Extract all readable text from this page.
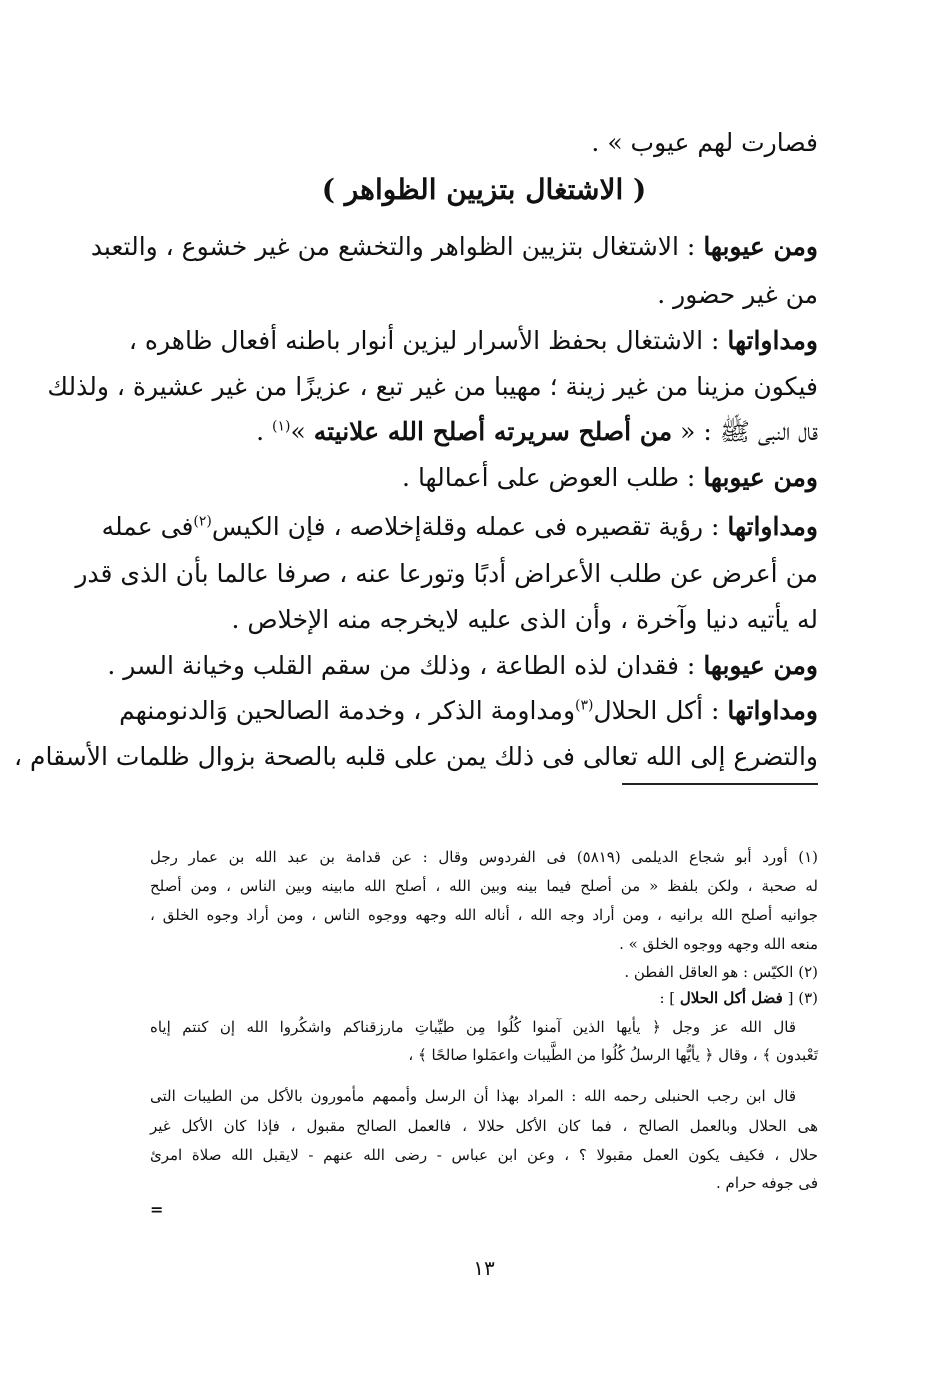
فصارت لهم عيوب » .
( الاشتغال بتزيين الظواهر )
ومن عيوبها : الاشتغال بتزيين الظواهر والتخشع من غير خشوع ، والتعبد
من غير حضور .
ومداواتها : الاشتغال بحفظ الأسرار ليزين أنوار باطنه أفعال ظاهره ،
فيكون مزينا من غير زينة ؛ مهيبا من غير تبع ، عزيزًا من غير عشيرة ، ولذلك
قال النبى ﷺ : « من أصلح سريرته أصلح الله علانيته »$^{(١)}$ .
ومن عيوبها : طلب العوض على أعمالها .
ومداواتها : رؤية تقصيره فى عمله وقلةإخلاصه ، فإن الكيس$^{(٢)}$فى عمله
من أعرض عن طلب الأعراض أدبًا وتورعا عنه ، صرفا عالما بأن الذى قدر
له يأتيه دنيا وآخرة ، وأن الذى عليه لايخرجه منه الإخلاص .
ومن عيوبها : فقدان لذه الطاعة ، وذلك من سقم القلب وخيانة السر .
ومداواتها : أكل الحلال$^{(٣)}$ومداومة الذكر ، وخدمة الصالحين وَالدنومنهم
والتضرع إلى الله تعالى فى ذلك يمن على قلبه بالصحة بزوال ظلمات الأسقام ،
(١) أورد أبو شجاع الديلمى (٥٨١٩) فى الفردوس وقال : عن قدامة بن عبد الله بن عمار رجل
له صحبة ، ولكن بلفظ « من أصلح فيما بينه وبين الله ، أصلح الله مابينه وبين الناس ، ومن أصلح
جوانيه أصلح الله برانيه ، ومن أراد وجه الله ، أناله الله وجهه ووجوه الناس ، ومن أراد وجوه الخلق ،
منعه الله وجهه ووجوه الخلق » .
(٢) الكيّس : هو العاقل الفطن .
(٣) [ فضل أكل الحلال ] :
قال الله عز وجل ﴿ يأيها الذين آمنوا كُلُوا مِن طيِّباتِ مارزقناكم واشكُروا الله إن كنتم إياه
تَعْبدون ﴾ ، وقال ﴿ يأيُّها الرسلُ كُلُوا من الطَّيبات واعمَلوا صالحًا ﴾ ،
قال ابن رجب الحنبلى رحمه الله : المراد بهذا أن الرسل وأممهم مأمورون بالأكل من الطيبات التى
هى الحلال وبالعمل الصالح ، فما كان الأكل حلالا ، فالعمل الصالح مقبول ، فإذا كان الأكل غير
حلال ، فكيف يكون العمل مقبولا ؟ ، وعن ابن عباس - رضى الله عنهم - لايقبل الله صلاة امرئ
فى جوفه حرام .
=
١٣
